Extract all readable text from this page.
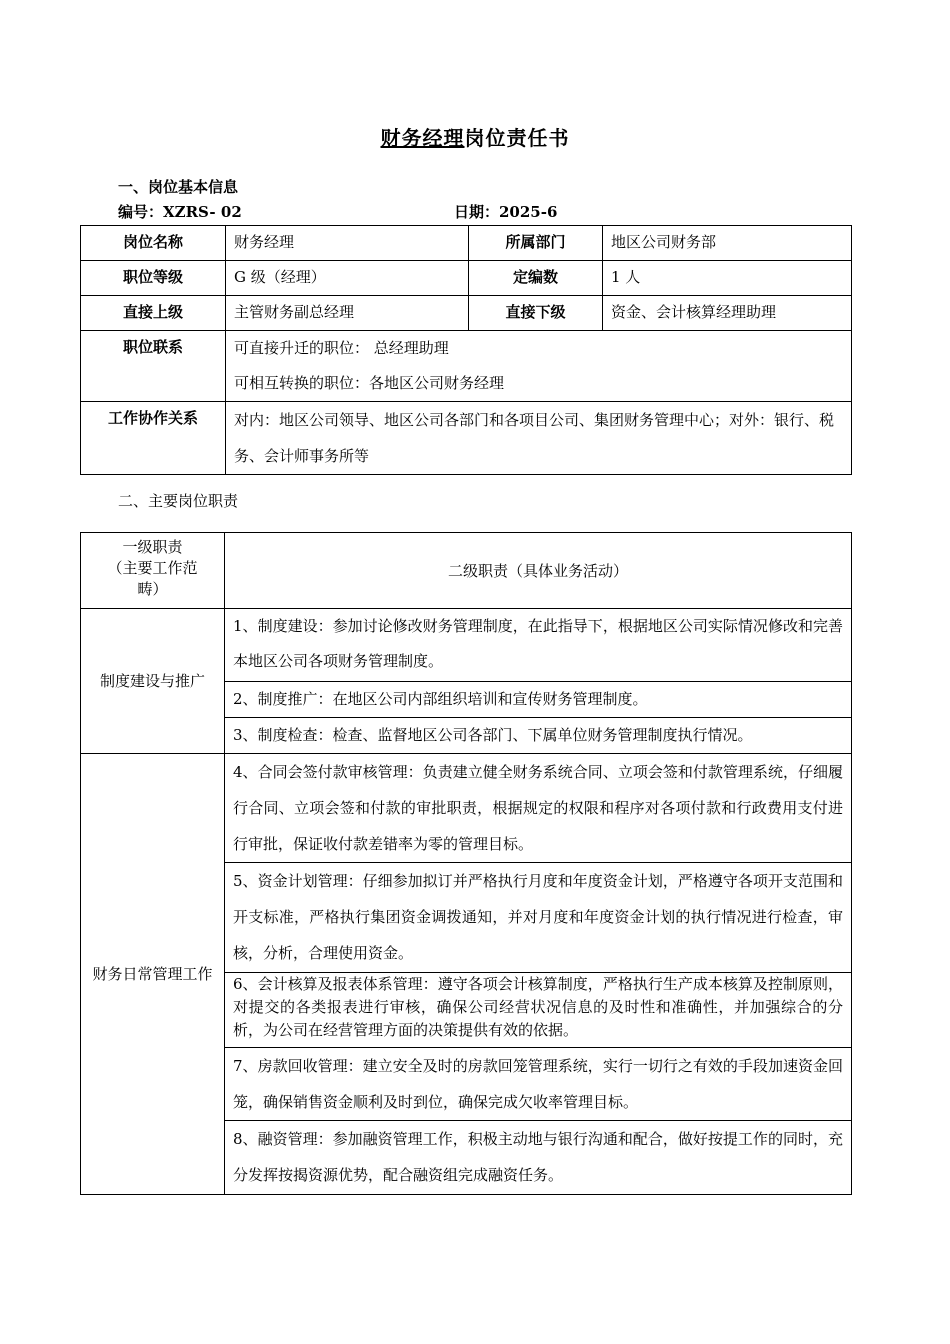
财务经理岗位责任书
一、岗位基本信息
编号：XZRS- 02	日期：2025-6
岗位名称	财务经理	所属部门	地区公司财务部
职位等级	G 级（经理）	定编数	1 人
直接上级	主管财务副总经理	直接下级	资金、会计核算经理助理
职位联系	可直接升迁的职位： 总经理助理
可相互转换的职位：各地区公司财务经理		

工作协作关系	对内：地区公司领导、地区公司各部门和各项目公司、集团财务管理中心；对外：银行、税务、会计师事务所等		
二、主要岗位职责
一级职责
（主要工作范
畴）	二级职责（具体业务活动）
制度建设与推广	1、制度建设：参加讨论修改财务管理制度，在此指导下，根据地区公司实际情况修改和完善本地区公司各项财务管理制度。
	2、制度推广：在地区公司内部组织培训和宣传财务管理制度。
	3、制度检查：检查、监督地区公司各部门、下属单位财务管理制度执行情况。
财务日常管理工作	4、合同会签付款审核管理：负责建立健全财务系统合同、立项会签和付款管理系统，仔细履行合同、立项会签和付款的审批职责，根据规定的权限和程序对各项付款和行政费用支付进行审批，保证收付款差错率为零的管理目标。
	5、资金计划管理：仔细参加拟订并严格执行月度和年度资金计划，严格遵守各项开支范围和开支标准，严格执行集团资金调拨通知，并对月度和年度资金计划的执行情况进行检查，审核，分析，合理使用资金。
	6、会计核算及报表体系管理：遵守各项会计核算制度，严格执行生产成本核算及控制原则，对提交的各类报表进行审核，确保公司经营状况信息的及时性和准确性，并加强综合的分析，为公司在经营管理方面的决策提供有效的依据。
	7、房款回收管理：建立安全及时的房款回笼管理系统，实行一切行之有效的手段加速资金回笼，确保销售资金顺利及时到位，确保完成欠收率管理目标。
	8、融资管理：参加融资管理工作，积极主动地与银行沟通和配合，做好按提工作的同时，充分发挥按揭资源优势，配合融资组完成融资任务。
